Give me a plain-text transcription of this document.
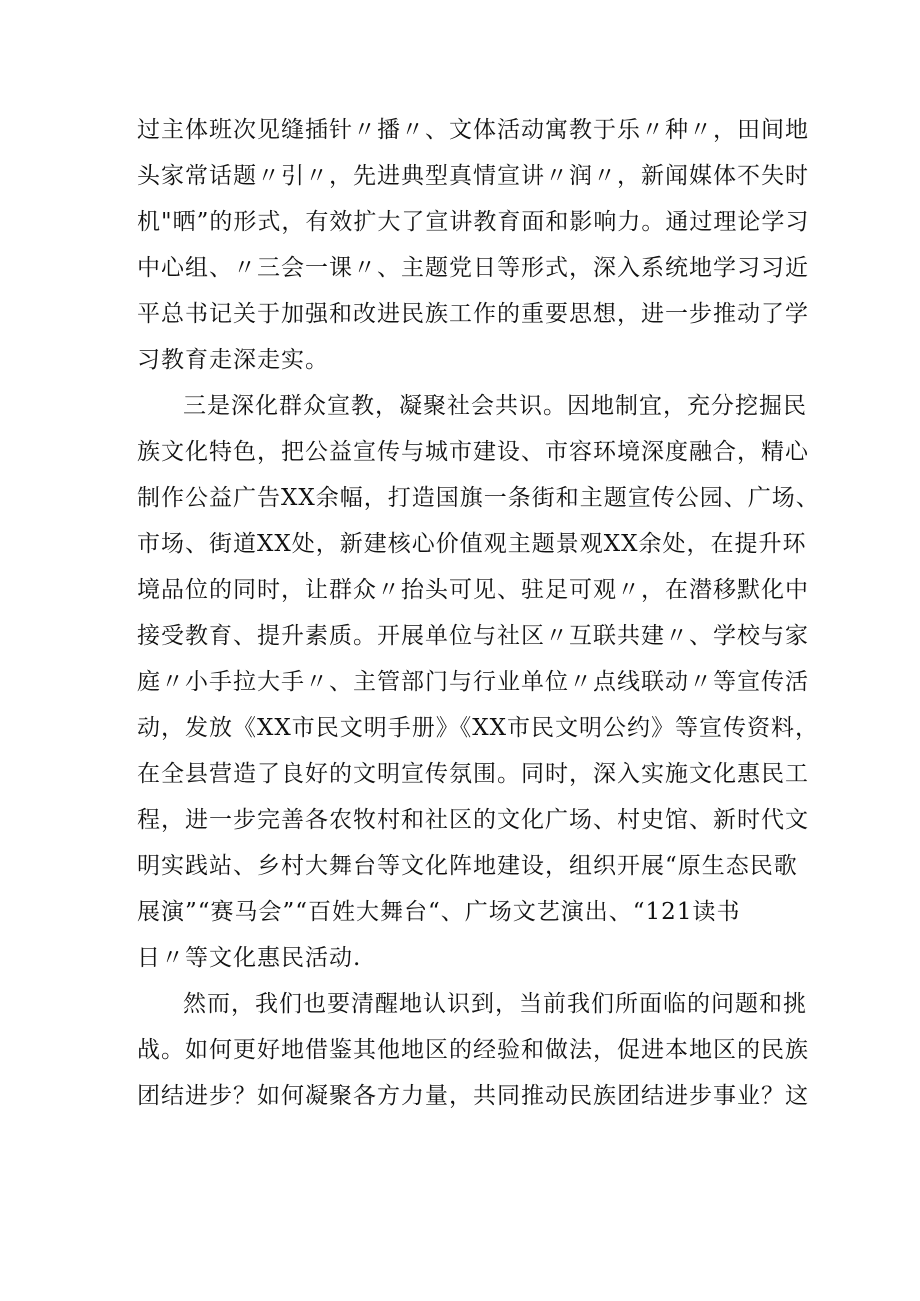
过主体班次见缝插针〃播〃、文体活动寓教于乐〃种〃，田间地
头家常话题〃引〃，先进典型真情宣讲〃润〃，新闻媒体不失时
机"晒”的形式，有效扩大了宣讲教育面和影响力。通过理论学习
中心组、〃三会一课〃、主题党日等形式，深入系统地学习习近
平总书记关于加强和改进民族工作的重要思想，进一步推动了学
习教育走深走实。
三是深化群众宣教，凝聚社会共识。因地制宜，充分挖掘民
族文化特色，把公益宣传与城市建设、市容环境深度融合，精心
制作公益广告XX余幅，打造国旗一条街和主题宣传公园、广场、
市场、街道XX处，新建核心价值观主题景观XX余处，在提升环
境品位的同时，让群众〃抬头可见、驻足可观〃，在潜移默化中
接受教育、提升素质。开展单位与社区〃互联共建〃、学校与家
庭〃小手拉大手〃、主管部门与行业单位〃点线联动〃等宣传活
动，发放《XX市民文明手册》《XX市民文明公约》等宣传资料，
在全县营造了良好的文明宣传氛围。同时，深入实施文化惠民工
程，进一步完善各农牧村和社区的文化广场、村史馆、新时代文
明实践站、乡村大舞台等文化阵地建设，组织开展“原生态民歌
展演”“赛马会”“百姓大舞台“、广场文艺演出、“121读书
日〃等文化惠民活动.
然而，我们也要清醒地认识到，当前我们所面临的问题和挑
战。如何更好地借鉴其他地区的经验和做法，促进本地区的民族
团结进步？如何凝聚各方力量，共同推动民族团结进步事业？这
